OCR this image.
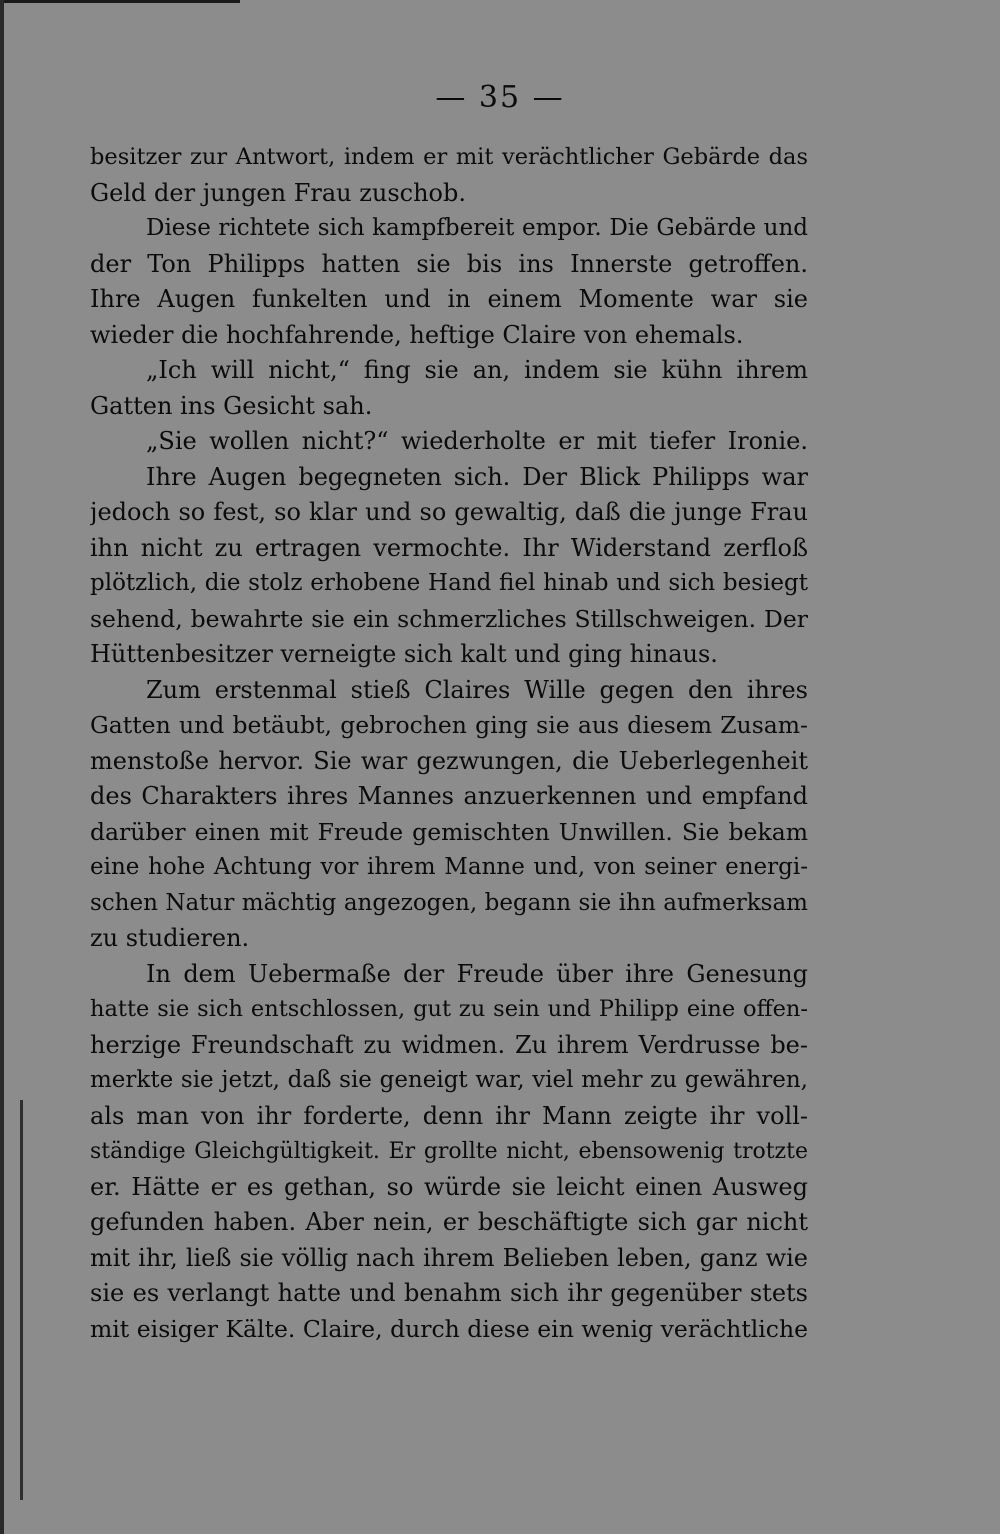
— 35 —
besitzer zur Antwort, indem er mit verächtlicher Gebärde das
Geld der jungen Frau zuschob.
Diese richtete sich kampfbereit empor. Die Gebärde und
der Ton Philipps hatten sie bis ins Innerste getroffen.
Ihre Augen funkelten und in einem Momente war sie
wieder die hochfahrende, heftige Claire von ehemals.
„Ich will nicht,“ fing sie an, indem sie kühn ihrem
Gatten ins Gesicht sah.
„Sie wollen nicht?“ wiederholte er mit tiefer Ironie.
Ihre Augen begegneten sich. Der Blick Philipps war
jedoch so fest, so klar und so gewaltig, daß die junge Frau
ihn nicht zu ertragen vermochte. Ihr Widerstand zerfloß
plötzlich, die stolz erhobene Hand fiel hinab und sich besiegt
sehend, bewahrte sie ein schmerzliches Stillschweigen. Der
Hüttenbesitzer verneigte sich kalt und ging hinaus.
Zum erstenmal stieß Claires Wille gegen den ihres
Gatten und betäubt, gebrochen ging sie aus diesem Zusam-
menstoße hervor. Sie war gezwungen, die Ueberlegenheit
des Charakters ihres Mannes anzuerkennen und empfand
darüber einen mit Freude gemischten Unwillen. Sie bekam
eine hohe Achtung vor ihrem Manne und, von seiner energi-
schen Natur mächtig angezogen, begann sie ihn aufmerksam
zu studieren.
In dem Uebermaße der Freude über ihre Genesung
hatte sie sich entschlossen, gut zu sein und Philipp eine offen-
herzige Freundschaft zu widmen. Zu ihrem Verdrusse be-
merkte sie jetzt, daß sie geneigt war, viel mehr zu gewähren,
als man von ihr forderte, denn ihr Mann zeigte ihr voll-
ständige Gleichgültigkeit. Er grollte nicht, ebensowenig trotzte
er. Hätte er es gethan, so würde sie leicht einen Ausweg
gefunden haben. Aber nein, er beschäftigte sich gar nicht
mit ihr, ließ sie völlig nach ihrem Belieben leben, ganz wie
sie es verlangt hatte und benahm sich ihr gegenüber stets
mit eisiger Kälte. Claire, durch diese ein wenig verächtliche
